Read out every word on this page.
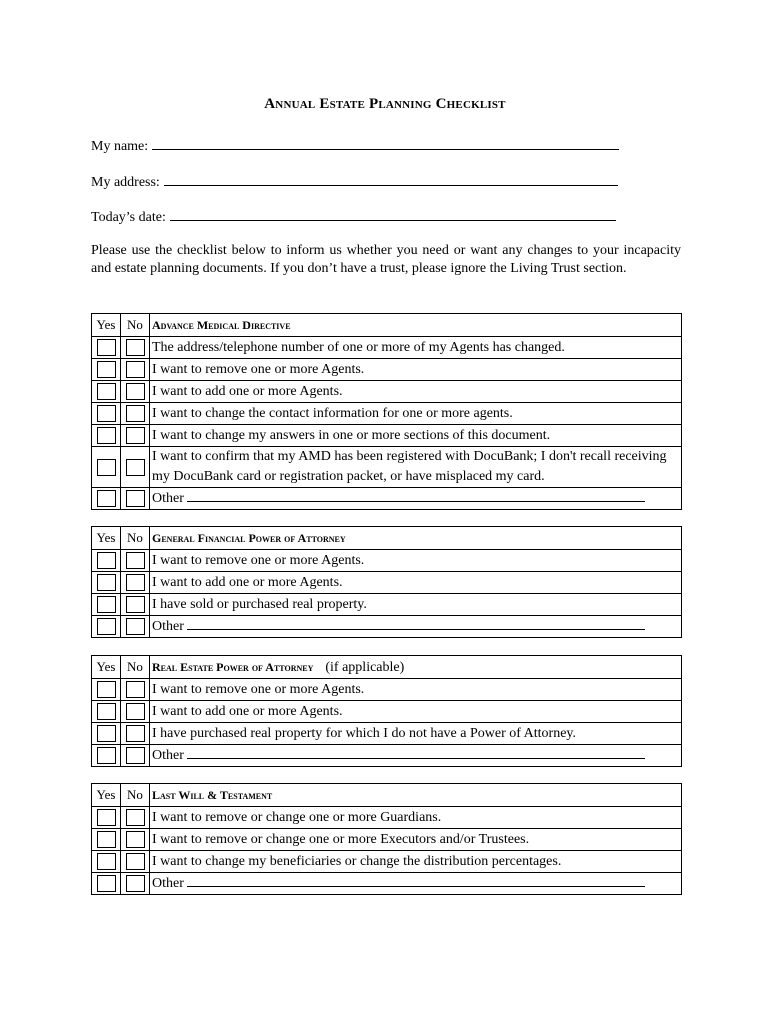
Annual Estate Planning Checklist
My name:
My address:
Today’s date:
Please use the checklist below to inform us whether you need or want any changes to your incapacity and estate planning documents. If you don’t have a trust, please ignore the Living Trust section.
Yes	No	Advance Medical Directive
		The address/telephone number of one or more of my Agents has changed.
		I want to remove one or more Agents.
		I want to add one or more Agents.
		I want to change the contact information for one or more agents.
		I want to change my answers in one or more sections of this document.
		I want to confirm that my AMD has been registered with DocuBank; I don't recall receiving my DocuBank card or registration packet, or have misplaced my card.
		Other
Yes	No	General Financial Power of Attorney
		I want to remove one or more Agents.
		I want to add one or more Agents.
		I have sold or purchased real property.
		Other
Yes	No	Real Estate Power of Attorney (if applicable)
		I want to remove one or more Agents.
		I want to add one or more Agents.
		I have purchased real property for which I do not have a Power of Attorney.
		Other
Yes	No	Last Will & Testament
		I want to remove or change one or more Guardians.
		I want to remove or change one or more Executors and/or Trustees.
		I want to change my beneficiaries or change the distribution percentages.
		Other
